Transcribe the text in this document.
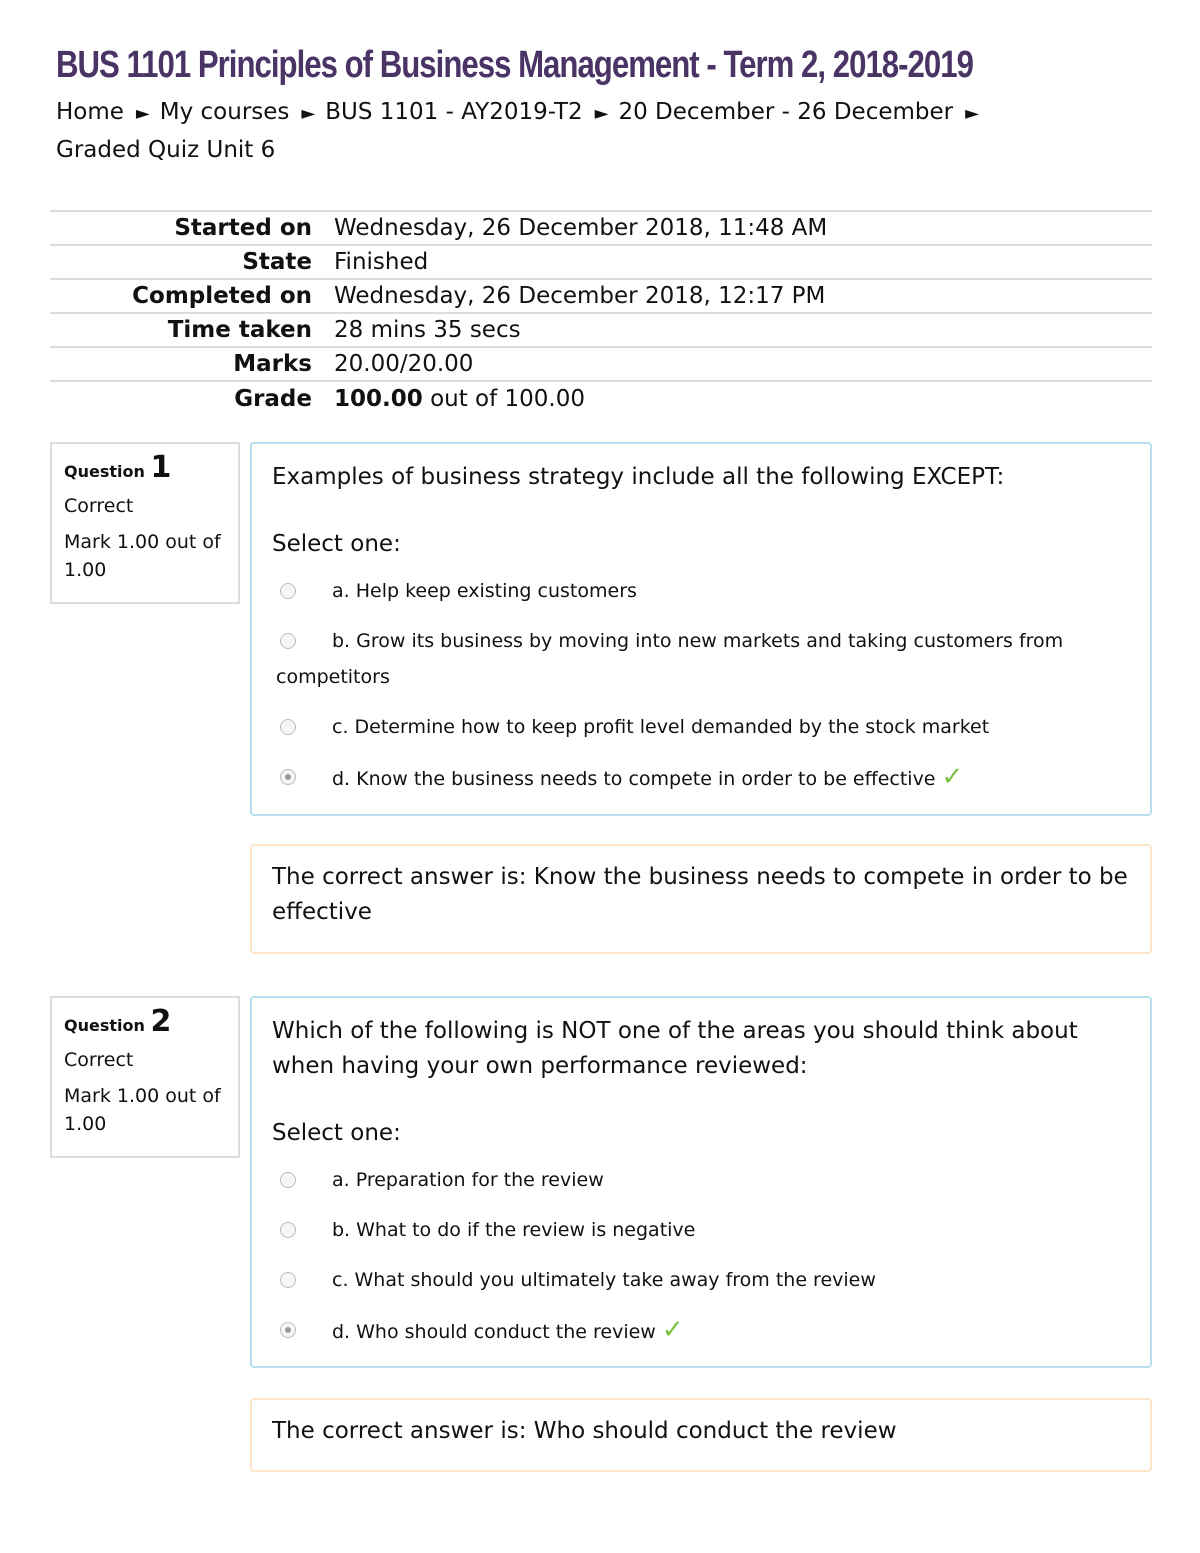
BUS 1101 Principles of Business Management - Term 2, 2018-2019
Home ► My courses ► BUS 1101 - AY2019-T2 ► 20 December - 26 December ►
Graded Quiz Unit 6
Started on	Wednesday, 26 December 2018, 11:48 AM
State	Finished
Completed on	Wednesday, 26 December 2018, 12:17 PM
Time taken	28 mins 35 secs
Marks	20.00/20.00
Grade	100.00 out of 100.00
Question 1
Correct
Mark 1.00 out of 1.00
Examples of business strategy include all the following EXCEPT:
Select one:
a. Help keep existing customers
b. Grow its business by moving into new markets and taking customers from competitors
c. Determine how to keep profit level demanded by the stock market
d. Know the business needs to compete in order to be effective ✓
The correct answer is: Know the business needs to compete in order to be effective
Question 2
Correct
Mark 1.00 out of 1.00
Which of the following is NOT one of the areas you should think about when having your own performance reviewed:
Select one:
a. Preparation for the review
b. What to do if the review is negative
c. What should you ultimately take away from the review
d. Who should conduct the review ✓
The correct answer is: Who should conduct the review
